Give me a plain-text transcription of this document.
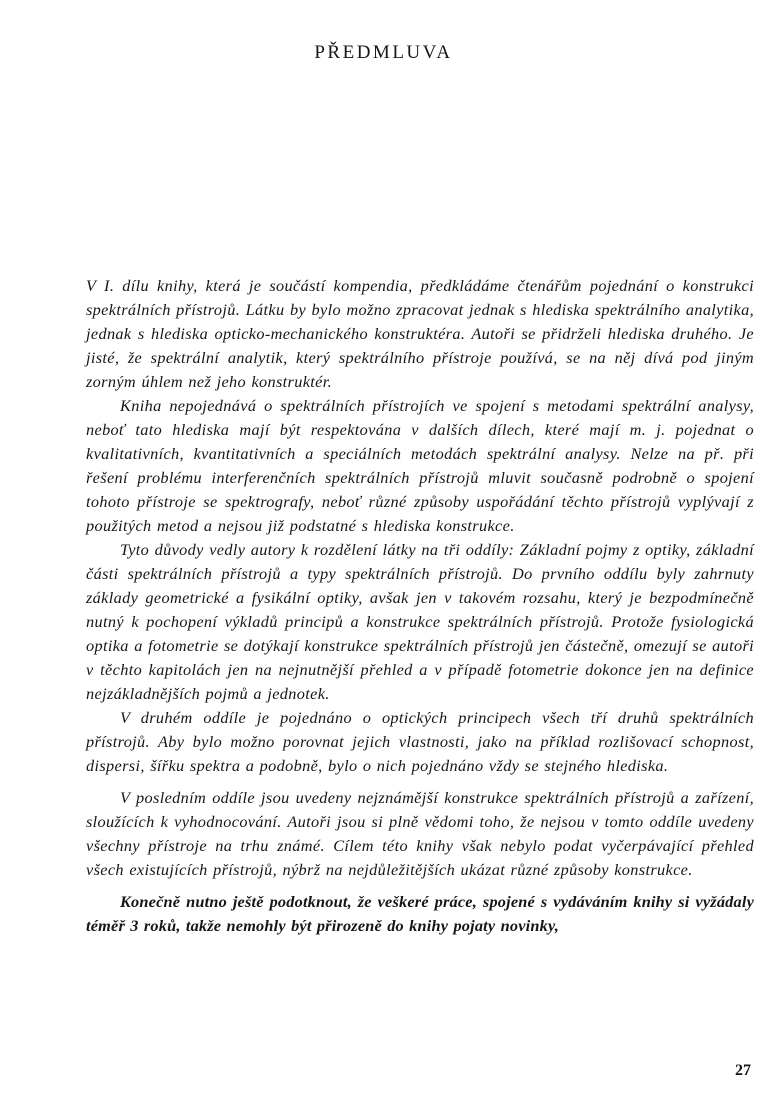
PŘEDMLUVA

V I. dílu knihy, která je součástí kompendia, předkládáme čtenářům pojednání o konstrukci spektrálních přístrojů. Látku by bylo možno zpracovat jednak s hlediska spektrálního analytika, jednak s hlediska opticko-mechanického konstruktéra. Autoři se přidrželi hlediska druhého. Je jisté, že spektrální analytik, který spektrálního přístroje používá, se na něj dívá pod jiným zorným úhlem než jeho konstruktér.

Kniha nepojednává o spektrálních přístrojích ve spojení s metodami spektrální analysy, neboť tato hlediska mají být respektována v dalších dílech, které mají m. j. pojednat o kvalitativních, kvantitativních a speciálních metodách spektrální analysy. Nelze na př. při řešení problému interferenčních spektrálních přístrojů mluvit současně podrobně o spojení tohoto přístroje se spektrografy, neboť různé způsoby uspořádání těchto přístrojů vyplývají z použitých metod a nejsou již podstatné s hlediska konstrukce.

Tyto důvody vedly autory k rozdělení látky na tři oddíly: Základní pojmy z optiky, základní části spektrálních přístrojů a typy spektrálních přístrojů. Do prvního oddílu byly zahrnuty základy geometrické a fysikální optiky, avšak jen v takovém rozsahu, který je bezpodmínečně nutný k pochopení výkladů principů a konstrukce spektrálních přístrojů. Protože fysiologická optika a fotometrie se dotýkají konstrukce spektrálních přístrojů jen částečně, omezují se autoři v těchto kapitolách jen na nejnutnější přehled a v případě fotometrie dokonce jen na definice nejzákladnějších pojmů a jednotek.

V druhém oddíle je pojednáno o optických principech všech tří druhů spektrálních přístrojů. Aby bylo možno porovnat jejich vlastnosti, jako na příklad rozlišovací schopnost, dispersi, šířku spektra a podobně, bylo o nich pojednáno vždy se stejného hlediska.

V posledním oddíle jsou uvedeny nejznámější konstrukce spektrálních přístrojů a zařízení, sloužících k vyhodnocování. Autoři jsou si plně vědomi toho, že nejsou v tomto oddíle uvedeny všechny přístroje na trhu známé. Cílem této knihy však nebylo podat vyčerpávající přehled všech existujících přístrojů, nýbrž na nejdůležitějších ukázat různé způsoby konstrukce.

Konečně nutno ještě podotknout, že veškeré práce, spojené s vydáváním knihy si vyžádaly téměř 3 roků, takže nemohly být přirozeně do knihy pojaty novinky,

27
